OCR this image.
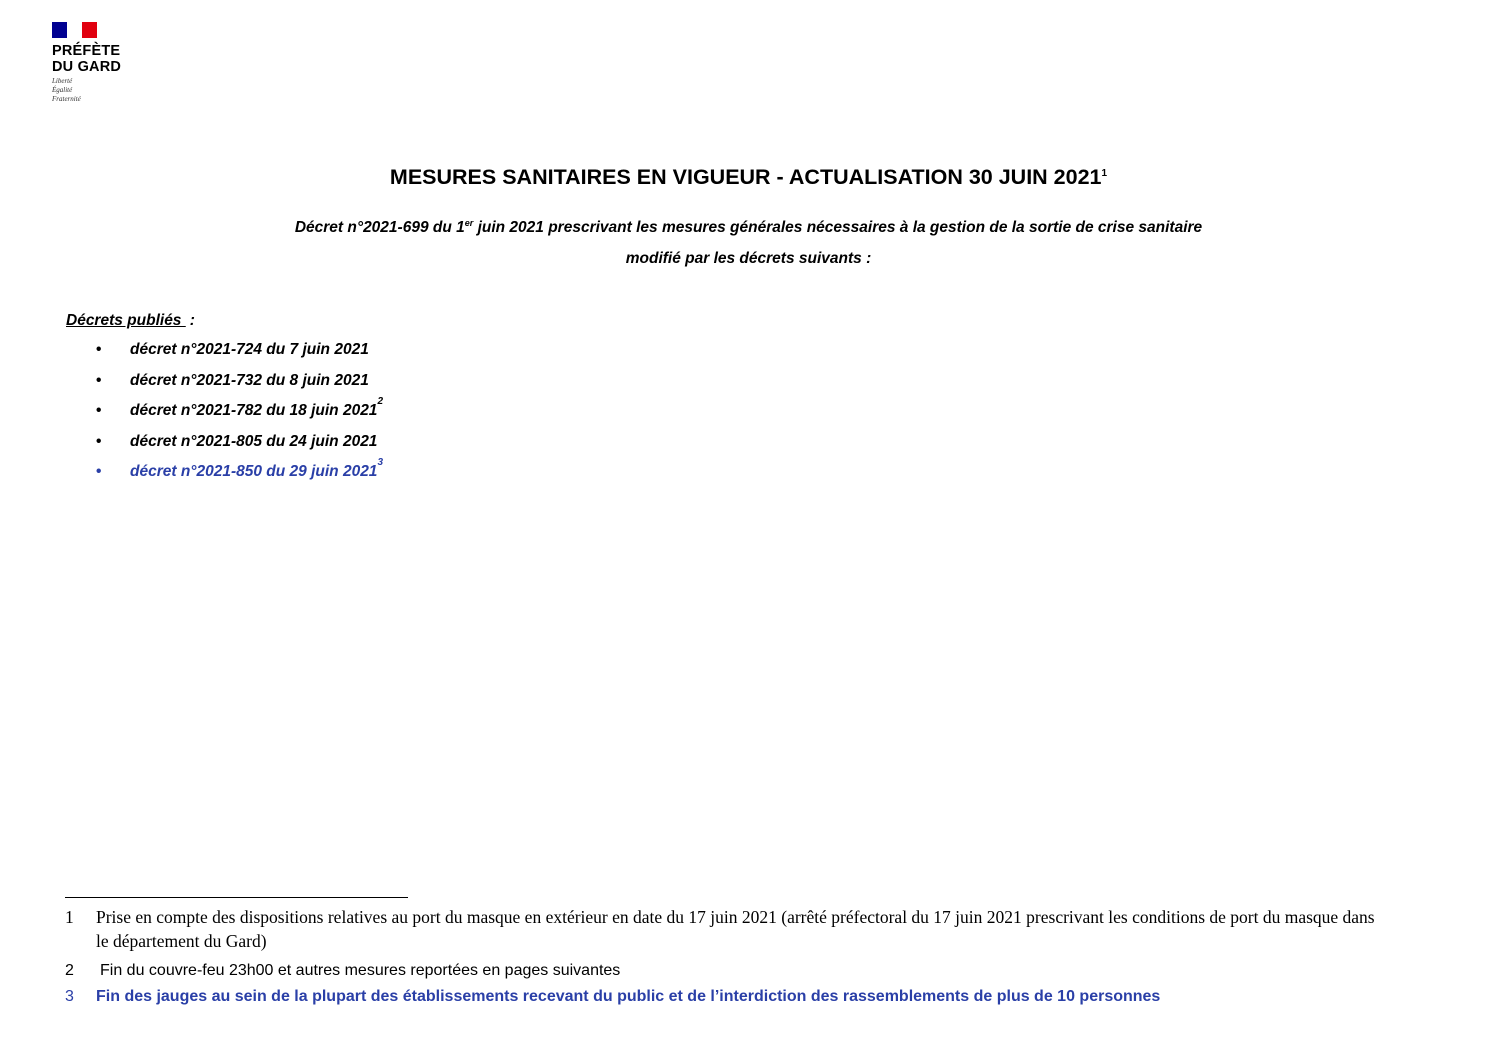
PRÉFÈTE
DU GARD
Liberté
Égalité
Fraternité
MESURES SANITAIRES EN VIGUEUR - ACTUALISATION 30 JUIN 2021$^1$
Décret n°2021-699 du 1er juin 2021 prescrivant les mesures générales nécessaires à la gestion de la sortie de crise sanitaire
modifié par les décrets suivants :
Décrets publiés :
•	décret n°2021-724 du 7 juin 2021
•	décret n°2021-732 du 8 juin 2021
•	décret n°2021-782 du 18 juin 2021
2
•	décret n°2021-805 du 24 juin 2021
•	décret n°2021-850 du 29 juin 2021
3
1	Prise en compte des dispositions relatives au port du masque en extérieur en date du 17 juin 2021 (arrêté préfectoral du 17 juin 2021 prescrivant les conditions de port du masque dans le département du Gard)
2	Fin du couvre-feu 23h00 et autres mesures reportées en pages suivantes
3	Fin des jauges au sein de la plupart des établissements recevant du public et de l’interdiction des rassemblements de plus de 10 personnes
